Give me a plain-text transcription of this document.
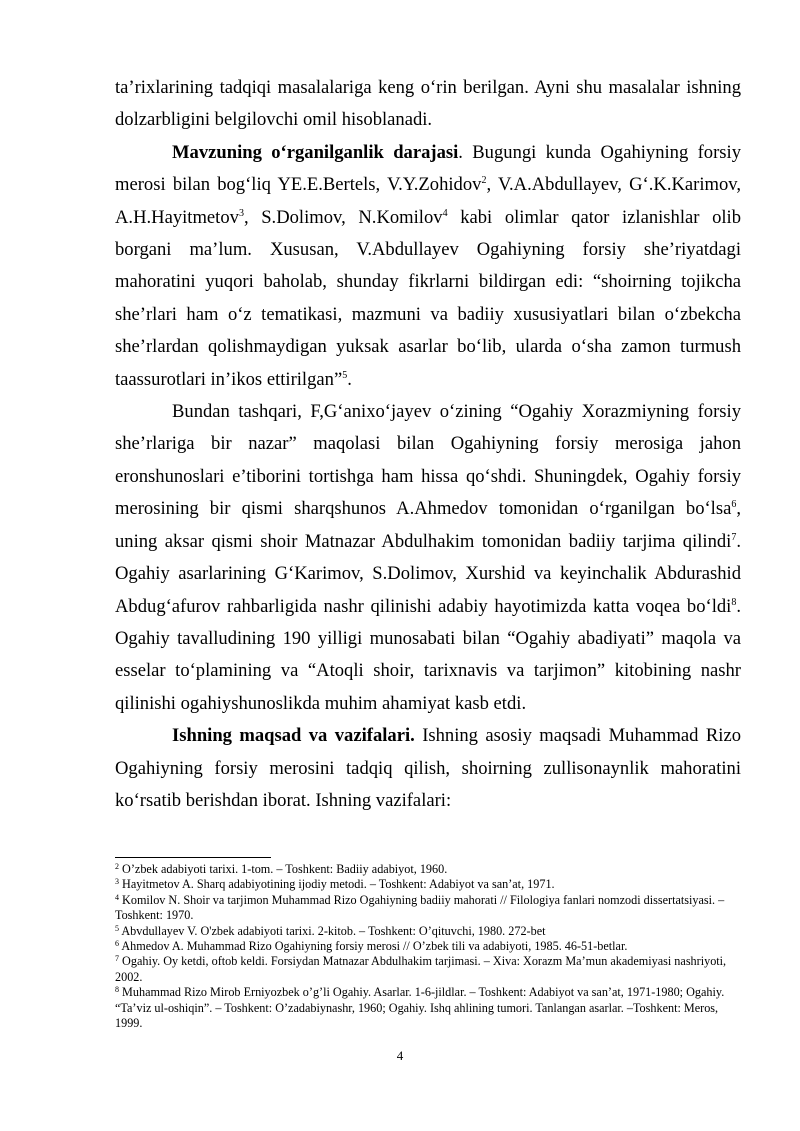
ta’rixlarining tadqiqi masalalariga keng o‘rin berilgan. Ayni shu masalalar ishning dolzarbligini belgilovchi omil hisoblanadi.

Mavzuning o‘rganilganlik darajasi. Bugungi kunda Ogahiyning forsiy merosi bilan bog‘liq YE.E.Bertels, V.Y.Zohidov$^2$, V.A.Abdullayev, G‘.K.Karimov, A.H.Hayitmetov$^3$, S.Dolimov, N.Komilov$^4$ kabi olimlar qator izlanishlar olib borgani ma’lum. Xususan, V.Abdullayev Ogahiyning forsiy she’riyatdagi mahoratini yuqori baholab, shunday fikrlarni bildirgan edi: “shoirning tojikcha she’rlari ham o‘z tematikasi, mazmuni va badiiy xususiyatlari bilan o‘zbekcha she’rlardan qolishmaydigan yuksak asarlar bo‘lib, ularda o‘sha zamon turmush taassurotlari in’ikos ettirilgan”$^5$.

Bundan tashqari, F,G‘anixo‘jayev o‘zining “Ogahiy Xorazmiyning forsiy she’rlariga bir nazar” maqolasi bilan Ogahiyning forsiy merosiga jahon eronshunoslari e’tiborini tortishga ham hissa qo‘shdi. Shuningdek, Ogahiy forsiy merosining bir qismi sharqshunos A.Ahmedov tomonidan o‘rganilgan bo‘lsa$^6$, uning aksar qismi shoir Matnazar Abdulhakim tomonidan badiiy tarjima qilindi$^7$. Ogahiy asarlarining G‘Karimov, S.Dolimov, Xurshid va keyinchalik Abdurashid Abdug‘afurov rahbarligida nashr qilinishi adabiy hayotimizda katta voqea bo‘ldi$^8$. Ogahiy tavalludining 190 yilligi munosabati bilan “Ogahiy abadiyati” maqola va esselar to‘plamining va “Atoqli shoir, tarixnavis va tarjimon” kitobining nashr qilinishi ogahiyshunoslikda muhim ahamiyat kasb etdi.

Ishning maqsad va vazifalari. Ishning asosiy maqsadi Muhammad Rizo Ogahiyning forsiy merosini tadqiq qilish, shoirning zullisonaynlik mahoratini ko‘rsatib berishdan iborat. Ishning vazifalari:

$^2$ O’zbek adabiyoti tarixi. 1-tom. – Toshkent: Badiiy adabiyot, 1960.
$^3$ Hayitmetov A. Sharq adabiyotining ijodiy metodi. – Toshkent: Adabiyot va san’at, 1971.
$^4$ Komilov N. Shoir va tarjimon Muhammad Rizo Ogahiyning badiiy mahorati // Filologiya fanlari nomzodi dissertatsiyasi. – Toshkent: 1970.
$^5$ Abvdullayev V. O'zbek adabiyoti tarixi. 2-kitob. – Toshkent: O’qituvchi, 1980. 272-bet
$^6$ Ahmedov A. Muhammad Rizo Ogahiyning forsiy merosi // O’zbek tili va adabiyoti, 1985. 46-51-betlar.
$^7$ Ogahiy. Oy ketdi, oftob keldi. Forsiydan Matnazar Abdulhakim tarjimasi. – Xiva: Xorazm Ma’mun akademiyasi nashriyoti, 2002.
$^8$ Muhammad Rizo Mirob Erniyozbek o’g’li Ogahiy. Asarlar. 1-6-jildlar. – Toshkent: Adabiyot va san’at, 1971-1980; Ogahiy. “Ta’viz ul-oshiqin”. – Toshkent: O’zadabiynashr, 1960; Ogahiy. Ishq ahlining tumori. Tanlangan asarlar. –Toshkent: Meros, 1999.
4
